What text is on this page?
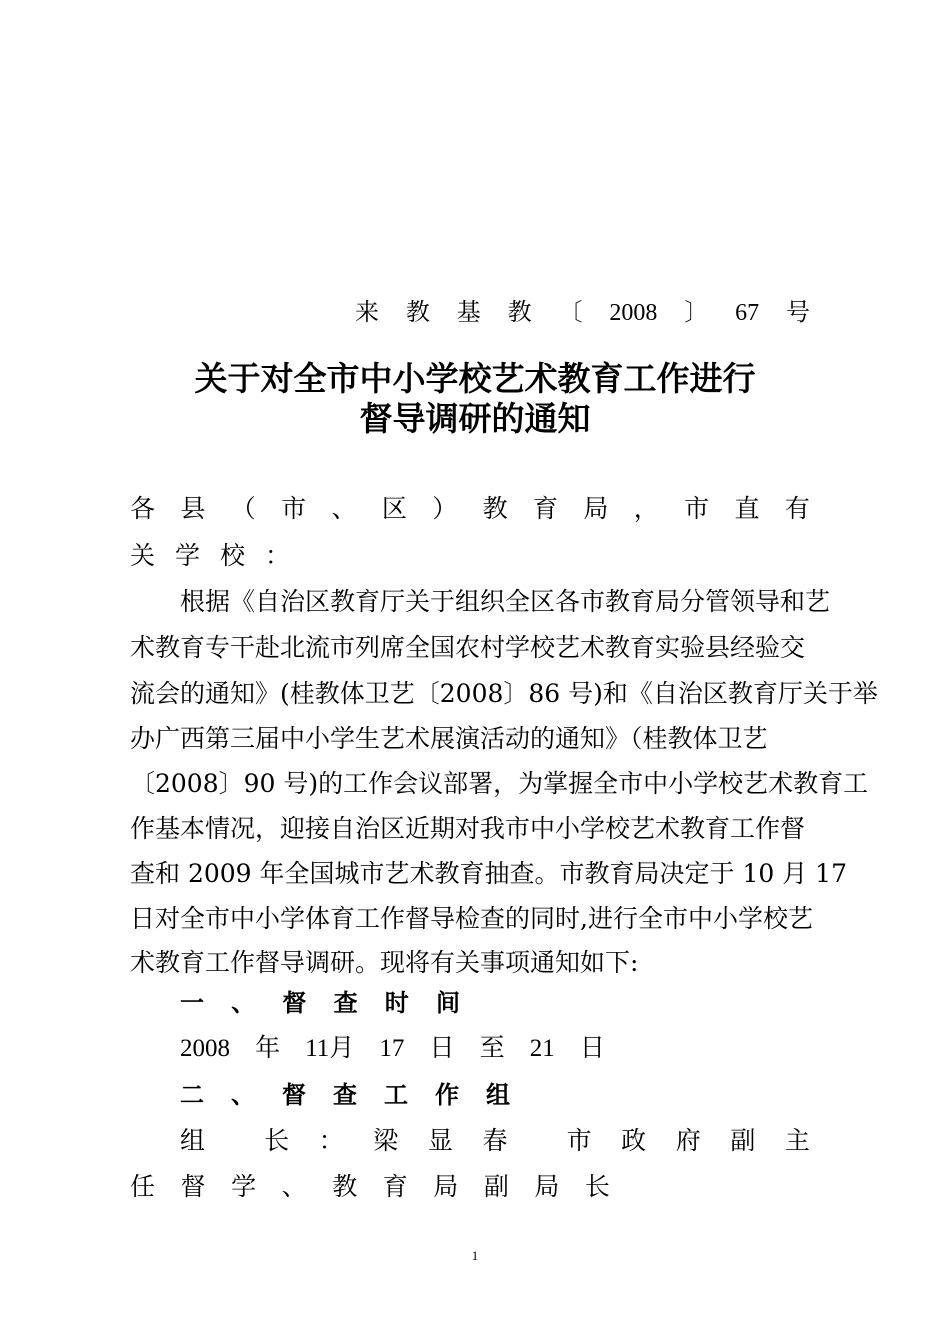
来 教 基 教 〔 2008 〕 67 号
关于对全市中小学校艺术教育工作进行
督导调研的通知
各 县 （ 市 、 区 ） 教 育 局 ， 市 直 有
关 学 校 ：
根据《自治区教育厅关于组织全区各市教育局分管领导和艺
术教育专干赴北流市列席全国农村学校艺术教育实验县经验交
流会的通知》(桂教体卫艺〔2008〕86 号)和《自治区教育厅关于举
办广西第三届中小学生艺术展演活动的通知》（桂教体卫艺
〔2008〕90 号)的工作会议部署，为掌握全市中小学校艺术教育工
作基本情况，迎接自治区近期对我市中小学校艺术教育工作督
查和 2009 年全国城市艺术教育抽查。市教育局决定于 10 月 17
日对全市中小学体育工作督导检查的同时,进行全市中小学校艺
术教育工作督导调研。现将有关事项通知如下:
一 、 督 查 时 间
2008 年 11月 17 日 至 21 日
二 、 督 查 工 作 组
组 长 ： 梁 显 春 市 政 府 副 主
任 督 学 、 教 育 局 副 局 长
1
